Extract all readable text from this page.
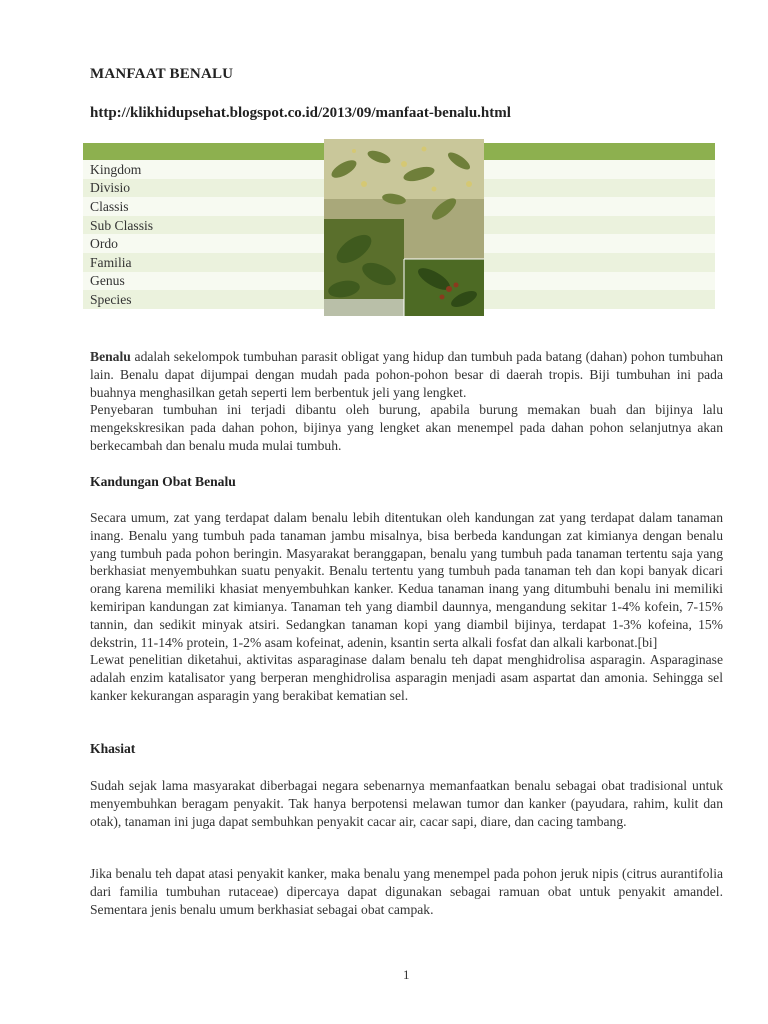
MANFAAT BENALU
http://klikhidupsehat.blogspot.co.id/2013/09/manfaat-benalu.html

Kingdom	
Divisio	
Classis	
Sub Classis	
Ordo	
Familia	
Genus	
Species	

Benalu adalah sekelompok tumbuhan parasit obligat yang hidup dan tumbuh pada batang (dahan) pohon tumbuhan lain. Benalu dapat dijumpai dengan mudah pada pohon-pohon besar di daerah tropis. Biji tumbuhan ini pada buahnya menghasilkan getah seperti lem berbentuk jeli yang lengket.

Penyebaran tumbuhan ini terjadi dibantu oleh burung, apabila burung memakan buah dan bijinya lalu mengekskresikan pada dahan pohon, bijinya yang lengket akan menempel pada dahan pohon selanjutnya akan berkecambah dan benalu muda mulai tumbuh.

Kandungan Obat Benalu

Secara umum, zat yang terdapat dalam benalu lebih ditentukan oleh kandungan zat yang terdapat dalam tanaman inang. Benalu yang tumbuh pada tanaman jambu misalnya, bisa berbeda kandungan zat kimianya dengan benalu yang tumbuh pada pohon beringin. Masyarakat beranggapan, benalu yang tumbuh pada tanaman tertentu saja yang berkhasiat menyembuhkan suatu penyakit. Benalu tertentu yang tumbuh pada tanaman teh dan kopi banyak dicari orang karena memiliki khasiat menyembuhkan kanker. Kedua tanaman inang yang ditumbuhi benalu ini memiliki kemiripan kandungan zat kimianya. Tanaman teh yang diambil daunnya, mengandung sekitar 1-4% kofein, 7-15% tannin, dan sedikit minyak atsiri. Sedangkan tanaman kopi yang diambil bijinya, terdapat 1-3% kofeina, 15% dekstrin, 11-14% protein, 1-2% asam kofeinat, adenin, ksantin serta alkali fosfat dan alkali karbonat.[bi]

Lewat penelitian diketahui, aktivitas asparaginase dalam benalu teh dapat menghidrolisa asparagin. Asparaginase adalah enzim katalisator yang berperan menghidrolisa asparagin menjadi asam aspartat dan amonia. Sehingga sel kanker kekurangan asparagin yang berakibat kematian sel.

Khasiat
Sudah sejak lama masyarakat diberbagai negara sebenarnya memanfaatkan benalu sebagai obat tradisional untuk menyembuhkan beragam penyakit. Tak hanya berpotensi melawan tumor dan kanker (payudara, rahim, kulit dan otak), tanaman ini juga dapat sembuhkan penyakit cacar air, cacar sapi, diare, dan cacing tambang.
Jika benalu teh dapat atasi penyakit kanker, maka benalu yang menempel pada pohon jeruk nipis (citrus aurantifolia dari familia tumbuhan rutaceae) dipercaya dapat digunakan sebagai ramuan obat untuk penyakit amandel. Sementara jenis benalu umum berkhasiat sebagai obat campak.
1
